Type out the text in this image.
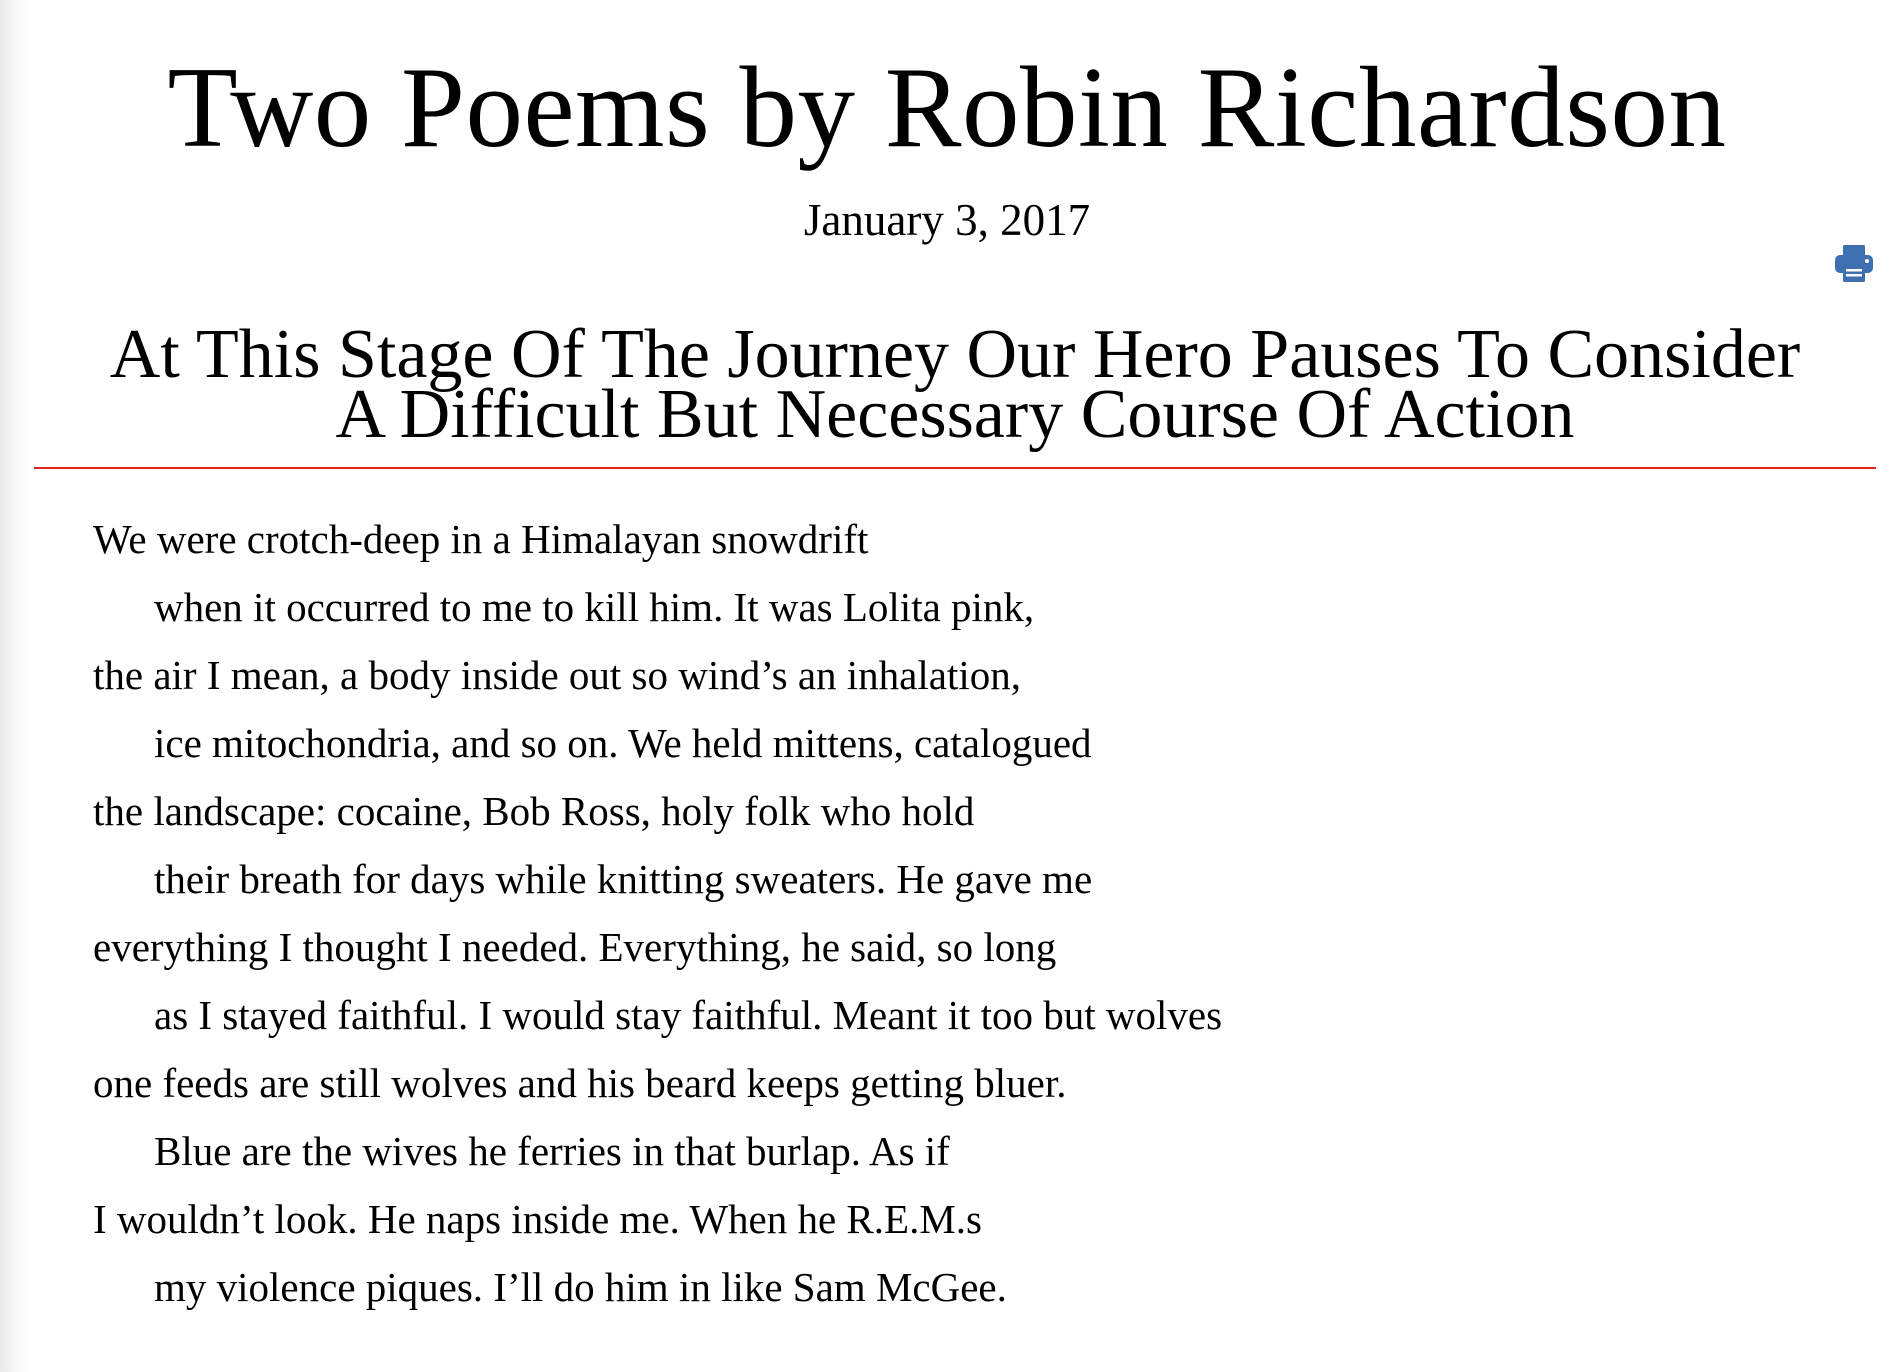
Two Poems by Robin Richardson
January 3, 2017
At This Stage Of The Journey Our Hero Pauses To Consider
A Difficult But Necessary Course Of Action
We were crotch-deep in a Himalayan snowdrift
when it occurred to me to kill him. It was Lolita pink,
the air I mean, a body inside out so wind’s an inhalation,
ice mitochondria, and so on. We held mittens, catalogued
the landscape: cocaine, Bob Ross, holy folk who hold
their breath for days while knitting sweaters. He gave me
everything I thought I needed. Everything, he said, so long
as I stayed faithful. I would stay faithful. Meant it too but wolves
one feeds are still wolves and his beard keeps getting bluer.
Blue are the wives he ferries in that burlap. As if
I wouldn’t look. He naps inside me. When he R.E.M.s
my violence piques. I’ll do him in like Sam McGee.
